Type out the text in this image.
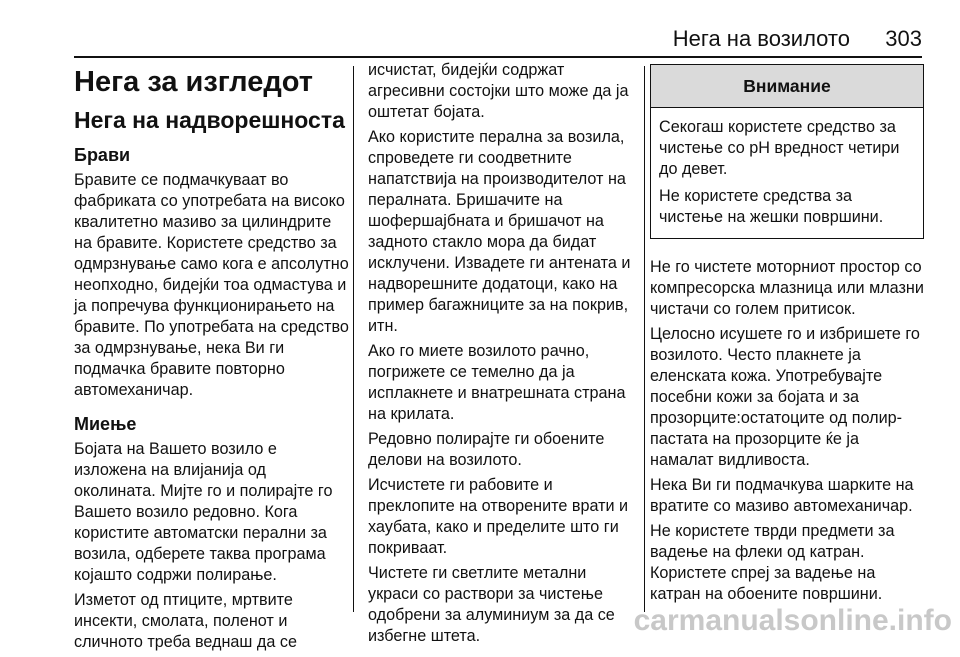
Нега на возилото 303
Нега за изгледот
Нега на надворешноста
Брави

Бравите се подмачкуваат во фабриката со употребата на високо квалитетно мазиво за цилиндрите на бравите. Користете средство за одмрзнување само кога е апсолутно неопходно, бидејќи тоа одмастува и ја попречува функционирањето на бравите. По употребата на средство за одмрзнување, нека Ви ги подмачка бравите повторно автомеханичар.

Миење

Бојата на Вашето возило е изложена на влијанија од околината. Мијте го и полирајте го Вашето возило редовно. Кога користите автоматски перални за возила, одберете таква програма којашто содржи полирање.

Изметот од птиците, мртвите инсекти, смолата, поленот и сличното треба веднаш да се

исчистат, бидејќи содржат агресивни состојки што може да ја оштетат бојата.

Ако користите перална за возила, спроведете ги соодветните напатствија на производителот на пералната. Бришачите на шофершајбната и бришачот на задното стакло мора да бидат исклучени. Извадете ги антената и надворешните додатоци, како на пример багажниците за на покрив, итн.

Ако го миете возилото рачно, погрижете се темелно да ја исплакнете и внатрешната страна на крилата.

Редовно полирајте ги обоените делови на возилото.

Исчистете ги рабовите и преклопите на отворените врати и хаубата, како и пределите што ги покриваат.

Чистете ги светлите метални украси со раствори за чистење одобрени за алуминиум за да се избегне штета.

Внимание

Секогаш користете средство за чистење со pH вредност четири до девет.

Не користете средства за чистење на жешки површини.

Не го чистете моторниот простор со компресорска млазница или млазни чистачи со голем притисок.

Целосно исушете го и избришете го возилото. Често плакнете ја еленската кожа. Употребувајте посебни кожи за бојата и за прозорците:остатоците од полир-пастата на прозорците ќе ја намалат видливоста.

Нека Ви ги подмачкува шарките на вратите со мазиво автомеханичар.

Не користете тврди предмети за вадење на флеки од катран. Користете спреј за вадење на катран на обоените површини.

carmanualsonline.info
